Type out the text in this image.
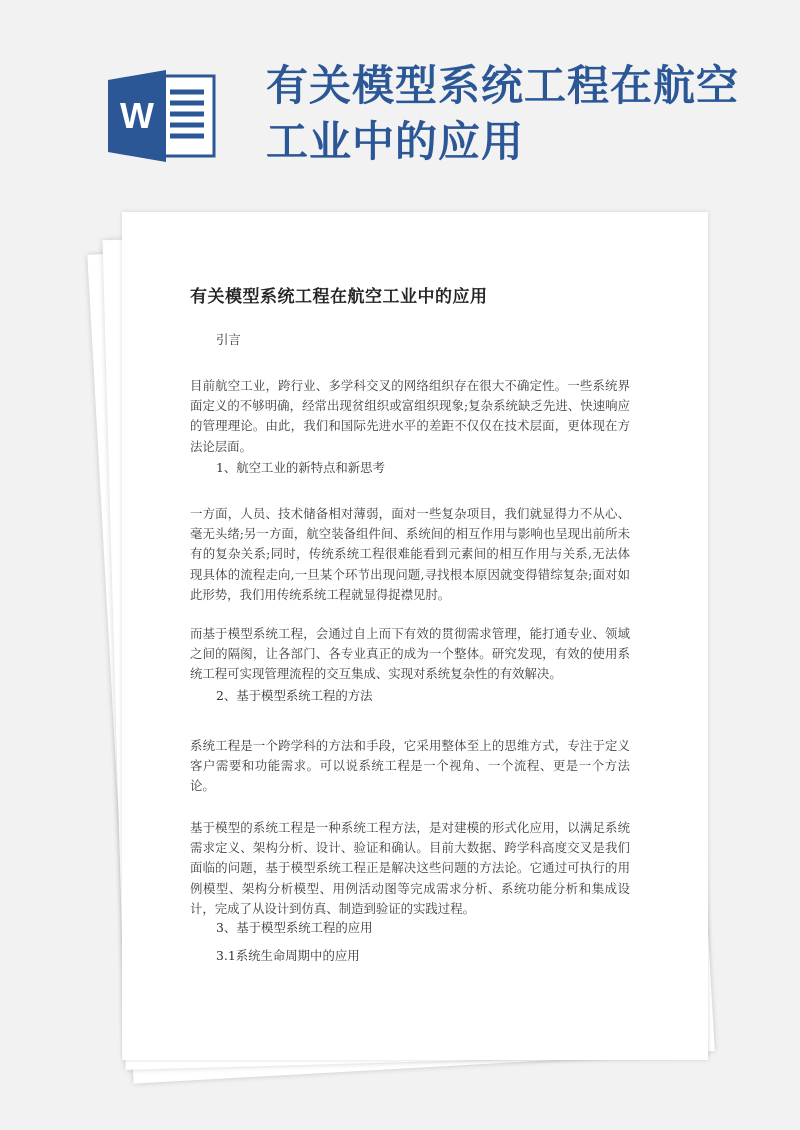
W
有关模型系统工程在航空工业中的应用
有关模型系统工程在航空工业中的应用

引言

目前航空工业，跨行业、多学科交叉的网络组织存在很大不确定性。一些系统界面定义的不够明确，经常出现贫组织或富组织现象;复杂系统缺乏先进、快速响应的管理理论。由此，我们和国际先进水平的差距不仅仅在技术层面，更体现在方法论层面。

1、航空工业的新特点和新思考

一方面，人员、技术储备相对薄弱，面对一些复杂项目，我们就显得力不从心、毫无头绪;另一方面，航空装备组件间、系统间的相互作用与影响也呈现出前所未有的复杂关系;同时，传统系统工程很难能看到元素间的相互作用与关系,无法体现具体的流程走向,一旦某个环节出现问题,寻找根本原因就变得错综复杂;面对如此形势，我们用传统系统工程就显得捉襟见肘。

而基于模型系统工程，会通过自上而下有效的贯彻需求管理，能打通专业、领域之间的隔阂，让各部门、各专业真正的成为一个整体。研究发现，有效的使用系统工程可实现管理流程的交互集成、实现对系统复杂性的有效解决。

2、基于模型系统工程的方法

系统工程是一个跨学科的方法和手段，它采用整体至上的思维方式，专注于定义客户需要和功能需求。可以说系统工程是一个视角、一个流程、更是一个方法论。

基于模型的系统工程是一种系统工程方法，是对建模的形式化应用，以满足系统需求定义、架构分析、设计、验证和确认。目前大数据、跨学科高度交叉是我们面临的问题，基于模型系统工程正是解决这些问题的方法论。它通过可执行的用例模型、架构分析模型、用例活动图等完成需求分析、系统功能分析和集成设计，完成了从设计到仿真、制造到验证的实践过程。

3、基于模型系统工程的应用

3.1系统生命周期中的应用
